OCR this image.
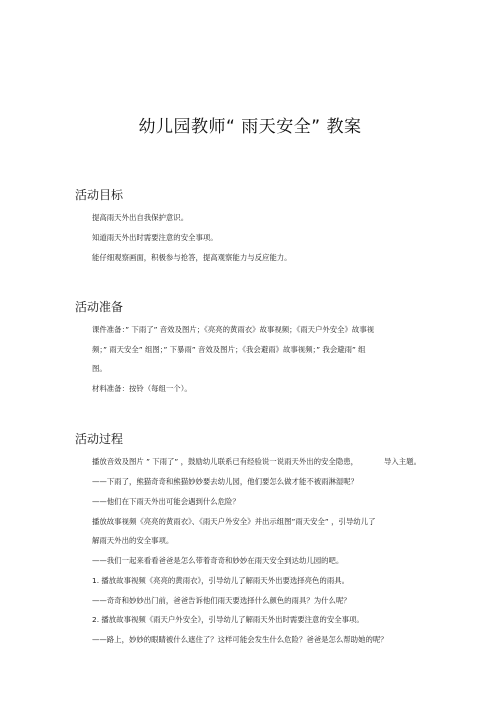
幼儿园教师“ 雨天安全” 教案
活动目标
提高雨天外出自我保护意识。
知道雨天外出时需要注意的安全事项。
能仔细观察画面，积极参与抢答，提高观察能力与反应能力。
活动准备
课件准备：” 下雨了” 音效及图片；《亮亮的黄雨衣》故事视频；《雨天户外安全》故事视
频；” 雨天安全” 组图；” 下暴雨” 音效及图片；《我会避雨》故事视频；” 我会避雨” 组
图。
材料准备：按铃（每组一个）。
活动过程
播放音效及图片 ” 下雨了” ，鼓励幼儿联系已有经验说一说雨天外出的安全隐患，	导入主题。
——下雨了，熊猫奇奇和熊猫妙妙要去幼儿园，他们要怎么做才能不被雨淋湿呢？
——他们在下雨天外出可能会遇到什么危险？
播放故事视频《亮亮的黄雨衣》、《雨天户外安全》并出示组图”雨天安全” ，引导幼儿了
解雨天外出的安全事项。
——我们一起来看看爸爸是怎么带着奇奇和妙妙在雨天安全到达幼儿园的吧。
1. 播放故事视频《亮亮的黄雨衣》，引导幼儿了解雨天外出要选择亮色的雨具。
——奇奇和妙妙出门前，爸爸告诉他们雨天要选择什么颜色的雨具？为什么呢？
2. 播放故事视频《雨天户外安全》，引导幼儿了解雨天外出时需要注意的安全事项。
——路上，妙妙的眼睛被什么遮住了？这样可能会发生什么危险？爸爸是怎么帮助她的呢？
